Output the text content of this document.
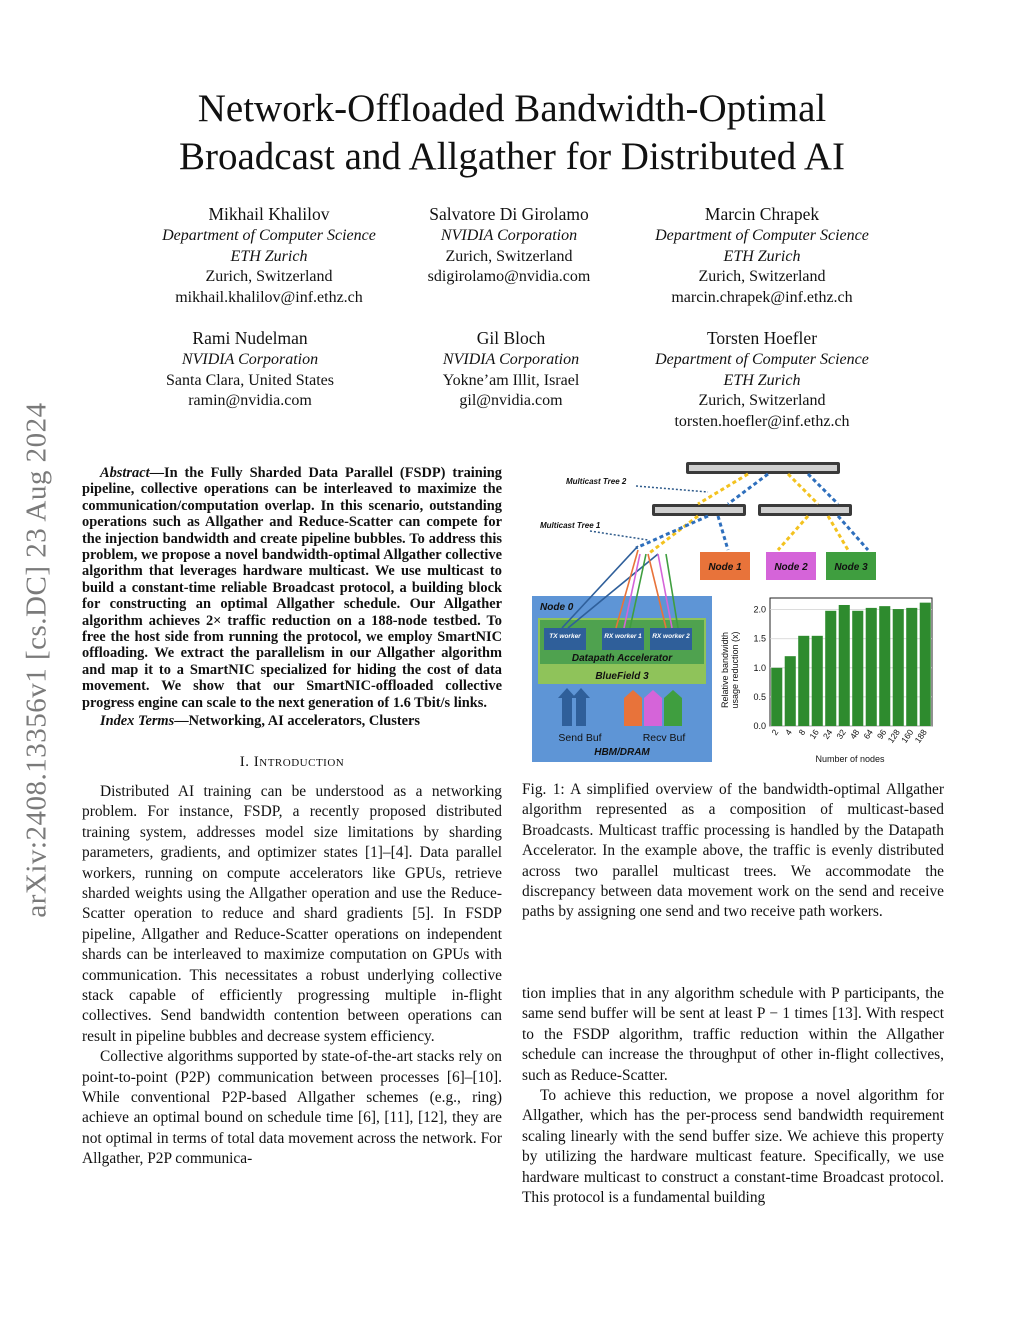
arXiv:2408.13356v1 [cs.DC] 23 Aug 2024
Network-Offloaded Bandwidth-Optimal
Broadcast and Allgather for Distributed AI
Mikhail Khalilov
Department of Computer Science
ETH Zurich
Zurich, Switzerland
mikhail.khalilov@inf.ethz.ch
Salvatore Di Girolamo
NVIDIA Corporation
Zurich, Switzerland
sdigirolamo@nvidia.com
Marcin Chrapek
Department of Computer Science
ETH Zurich
Zurich, Switzerland
marcin.chrapek@inf.ethz.ch
Rami Nudelman
NVIDIA Corporation
Santa Clara, United States
ramin@nvidia.com
Gil Bloch
NVIDIA Corporation
Yokne’am Illit, Israel
gil@nvidia.com
Torsten Hoefler
Department of Computer Science
ETH Zurich
Zurich, Switzerland
torsten.hoefler@inf.ethz.ch

Abstract—In the Fully Sharded Data Parallel (FSDP) training pipeline, collective operations can be interleaved to maximize the communication/computation overlap. In this scenario, outstanding operations such as Allgather and Reduce-Scatter can compete for the injection bandwidth and create pipeline bubbles. To address this problem, we propose a novel bandwidth-optimal Allgather collective algorithm that leverages hardware multicast. We use multicast to build a constant-time reliable Broadcast protocol, a building block for constructing an optimal Allgather schedule. Our Allgather algorithm achieves 2× traffic reduction on a 188-node testbed. To free the host side from running the protocol, we employ SmartNIC offloading. We extract the parallelism in our Allgather algorithm and map it to a SmartNIC specialized for hiding the cost of data movement. We show that our SmartNIC-offloaded collective progress engine can scale to the next generation of 1.6 Tbit/s links.

Index Terms—Networking, AI accelerators, Clusters

I. Introduction

Distributed AI training can be understood as a networking problem. For instance, FSDP, a recently proposed distributed training system, addresses model size limitations by sharding parameters, gradients, and optimizer states [1]–[4]. Data parallel workers, running on compute accelerators like GPUs, retrieve sharded weights using the Allgather operation and use the Reduce-Scatter operation to reduce and shard gradients [5]. In FSDP pipeline, Allgather and Reduce-Scatter operations on independent shards can be interleaved to maximize computation on GPUs with communication. This necessitates a robust underlying collective stack capable of efficiently progressing multiple in-flight collectives. Send bandwidth contention between operations can result in pipeline bubbles and decrease system efficiency.

Collective algorithms supported by state-of-the-art stacks rely on point-to-point (P2P) communication between processes [6]–[10]. While conventional P2P-based Allgather schemes (e.g., ring) achieve an optimal bound on schedule time [6], [11], [12], they are not optimal in terms of total data movement across the network. For Allgather, P2P communica-

Multicast Tree 2
Multicast Tree 1
Node 1	Node 2	Node 3
Node 0
TX worker	RX worker 1 RX worker 2
Datapath Accelerator
BlueField 3
Send Buf	Recv Buf
HBM/DRAM
Relative bandwidth usage reduction (x)
Number of nodes
0.0
0.5
1.0
1.5
2.0
2 4 8 16 24 32 48 64 96
128
160
188
Fig. 1: A simplified overview of the bandwidth-optimal Allgather algorithm represented as a composition of multicast-based Broadcasts. Multicast traffic processing is handled by the Datapath Accelerator. In the example above, the traffic is evenly distributed across two parallel multicast trees. We accommodate the discrepancy between data movement work on the send and receive paths by assigning one send and two receive path workers.

tion implies that in any algorithm schedule with P participants, the same send buffer will be sent at least P − 1 times [13]. With respect to the FSDP algorithm, traffic reduction within the Allgather schedule can increase the throughput of other in-flight collectives, such as Reduce-Scatter.

To achieve this reduction, we propose a novel algorithm for Allgather, which has the per-process send bandwidth requirement scaling linearly with the send buffer size. We achieve this property by utilizing the hardware multicast feature. Specifically, we use hardware multicast to construct a constant-time Broadcast protocol. This protocol is a fundamental building
